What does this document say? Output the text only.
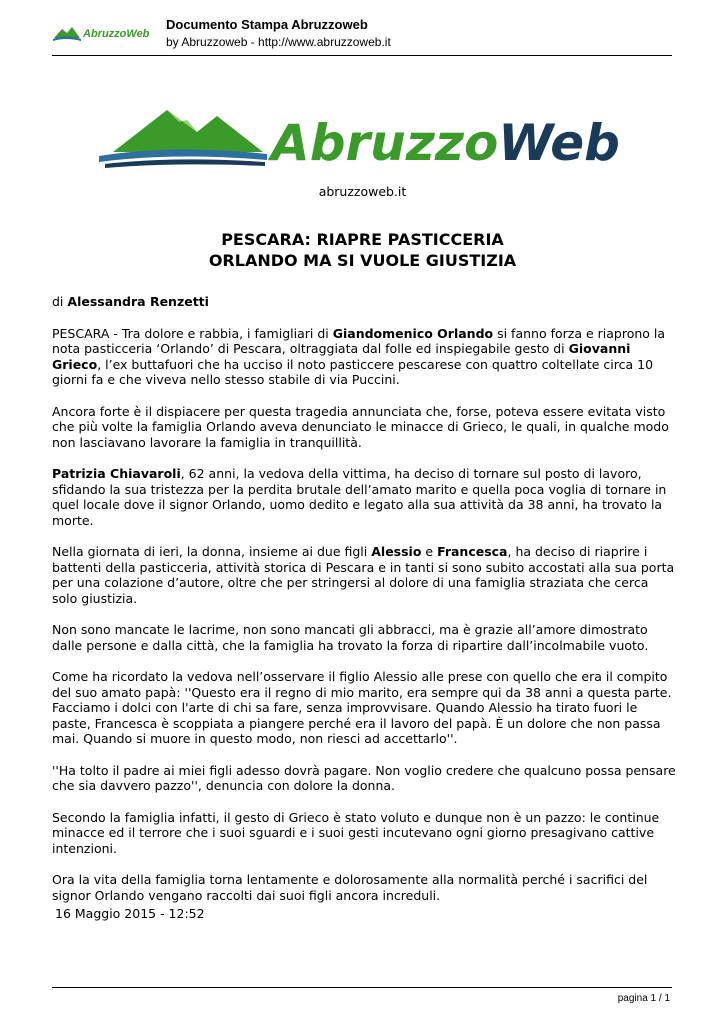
AbruzzoWeb
Documento Stampa Abruzzoweb
by Abruzzoweb - http://www.abruzzoweb.it
AbruzzoWeb
abruzzoweb.it
PESCARA: RIAPRE PASTICCERIA
ORLANDO MA SI VUOLE GIUSTIZIA

di Alessandra Renzetti

PESCARA - Tra dolore e rabbia, i famigliari di Giandomenico Orlando si fanno forza e riaprono la nota pasticceria ‘Orlando’ di Pescara, oltraggiata dal folle ed inspiegabile gesto di Giovanni Grieco, l’ex buttafuori che ha ucciso il noto pasticcere pescarese con quattro coltellate circa 10 giorni fa e che viveva nello stesso stabile di via Puccini.

Ancora forte è il dispiacere per questa tragedia annunciata che, forse, poteva essere evitata visto che più volte la famiglia Orlando aveva denunciato le minacce di Grieco, le quali, in qualche modo non lasciavano lavorare la famiglia in tranquillità.

Patrizia Chiavaroli, 62 anni, la vedova della vittima, ha deciso di tornare sul posto di lavoro, sfidando la sua tristezza per la perdita brutale dell’amato marito e quella poca voglia di tornare in quel locale dove il signor Orlando, uomo dedito e legato alla sua attività da 38 anni, ha trovato la morte.

Nella giornata di ieri, la donna, insieme ai due figli Alessio e Francesca, ha deciso di riaprire i battenti della pasticceria, attività storica di Pescara e in tanti si sono subito accostati alla sua porta per una colazione d’autore, oltre che per stringersi al dolore di una famiglia straziata che cerca solo giustizia.

Non sono mancate le lacrime, non sono mancati gli abbracci, ma è grazie all’amore dimostrato dalle persone e dalla città, che la famiglia ha trovato la forza di ripartire dall’incolmabile vuoto.

Come ha ricordato la vedova nell’osservare il figlio Alessio alle prese con quello che era il compito del suo amato papà: ''Questo era il regno di mio marito, era sempre qui da 38 anni a questa parte. Facciamo i dolci con l'arte di chi sa fare, senza improvvisare. Quando Alessio ha tirato fuori le paste, Francesca è scoppiata a piangere perché era il lavoro del papà. È un dolore che non passa mai. Quando si muore in questo modo, non riesci ad accettarlo''.

''Ha tolto il padre ai miei figli adesso dovrà pagare. Non voglio credere che qualcuno possa pensare che sia davvero pazzo'', denuncia con dolore la donna.

Secondo la famiglia infatti, il gesto di Grieco è stato voluto e dunque non è un pazzo: le continue minacce ed il terrore che i suoi sguardi e i suoi gesti incutevano ogni giorno presagivano cattive intenzioni.

Ora la vita della famiglia torna lentamente e dolorosamente alla normalità perché i sacrifici del signor Orlando vengano raccolti dai suoi figli ancora increduli.

16 Maggio 2015 - 12:52
pagina 1 / 1
